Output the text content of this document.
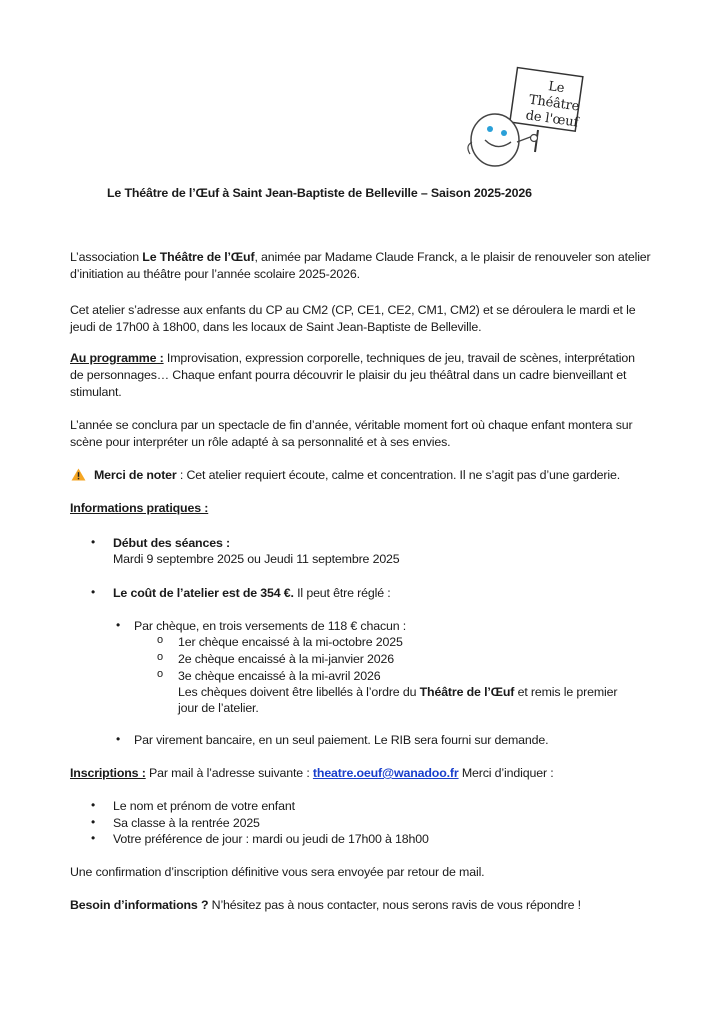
Le Théâtre
de l'œuf
Le Théâtre de l’Œuf à Saint Jean-Baptiste de Belleville – Saison 2025-2026
L’association Le Théâtre de l’Œuf, animée par Madame Claude Franck, a le plaisir de renouveler son atelier
d’initiation au théâtre pour l’année scolaire 2025-2026.
Cet atelier s’adresse aux enfants du CP au CM2 (CP, CE1, CE2, CM1, CM2) et se déroulera le mardi et le
jeudi de 17h00 à 18h00, dans les locaux de Saint Jean-Baptiste de Belleville.
Au programme : Improvisation, expression corporelle, techniques de jeu, travail de scènes, interprétation
de personnages… Chaque enfant pourra découvrir le plaisir du jeu théâtral dans un cadre bienveillant et
stimulant.
L’année se conclura par un spectacle de fin d’année, véritable moment fort où chaque enfant montera sur
scène pour interpréter un rôle adapté à sa personnalité et à ses envies.
Merci de noter : Cet atelier requiert écoute, calme et concentration. Il ne s’agit pas d’une garderie.
Informations pratiques :
• Début des séances :
Mardi 9 septembre 2025 ou Jeudi 11 septembre 2025
• Le coût de l’atelier est de 354 €. Il peut être réglé :
• Par chèque, en trois versements de 118 € chacun :
o 1er chèque encaissé à la mi-octobre 2025
o 2e chèque encaissé à la mi-janvier 2026
o 3e chèque encaissé à la mi-avril 2026
Les chèques doivent être libellés à l’ordre du Théâtre de l’Œuf et remis le premier
jour de l’atelier.
• Par virement bancaire, en un seul paiement. Le RIB sera fourni sur demande.
Inscriptions : Par mail à l’adresse suivante : theatre.oeuf@wanadoo.fr Merci d’indiquer :
• Le nom et prénom de votre enfant
• Sa classe à la rentrée 2025
• Votre préférence de jour : mardi ou jeudi de 17h00 à 18h00
Une confirmation d’inscription définitive vous sera envoyée par retour de mail.
Besoin d’informations ? N’hésitez pas à nous contacter, nous serons ravis de vous répondre !
